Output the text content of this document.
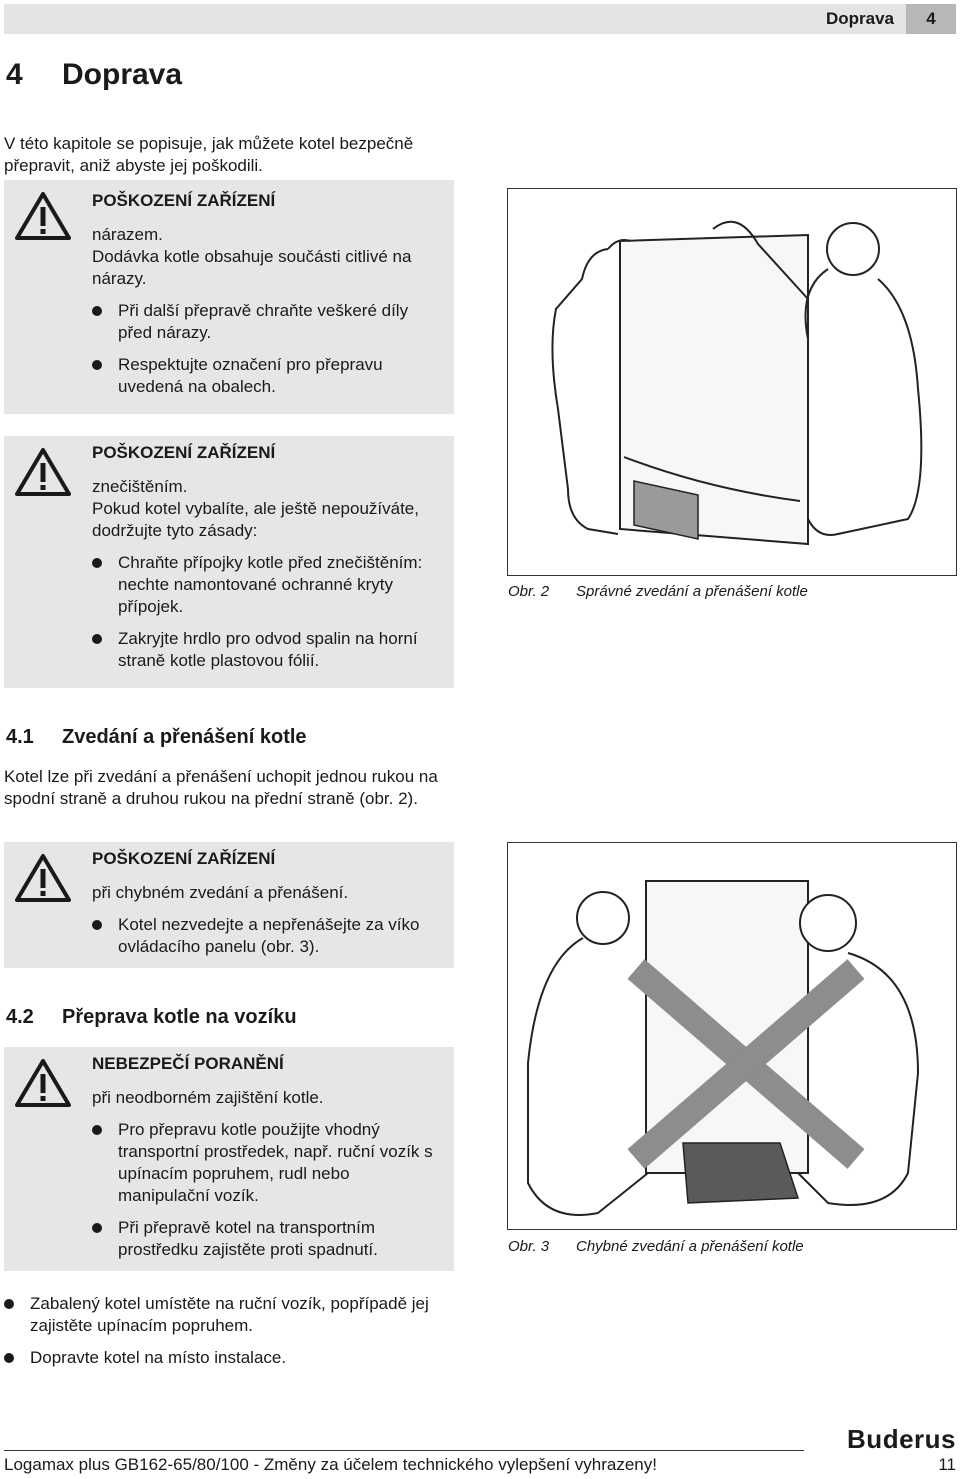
Doprava	4
4 Doprava
V této kapitole se popisuje, jak můžete kotel bezpečně přepravit, aniž abyste jej poškodili.
POŠKOZENÍ ZAŘÍZENÍ
nárazem.
Dodávka kotle obsahuje součásti citlivé na nárazy.
Při další přepravě chraňte veškeré díly před nárazy.
Respektujte označení pro přepravu uvedená na obalech.
POŠKOZENÍ ZAŘÍZENÍ
znečištěním.
Pokud kotel vybalíte, ale ještě nepoužíváte, dodržujte tyto zásady:
Chraňte přípojky kotle před znečištěním: nechte namontované ochranné kryty přípojek.
Zakryjte hrdlo pro odvod spalin na horní straně kotle plastovou fólií.
Obr. 2 Správné zvedání a přenášení kotle
4.1 Zvedání a přenášení kotle
Kotel lze při zvedání a přenášení uchopit jednou rukou na spodní straně a druhou rukou na přední straně (obr. 2).
POŠKOZENÍ ZAŘÍZENÍ
při chybném zvedání a přenášení.
Kotel nezvedejte a nepřenášejte za víko ovládacího panelu (obr. 3).
Obr. 3 Chybné zvedání a přenášení kotle
4.2 Přeprava kotle na vozíku
NEBEZPEČÍ PORANĚNÍ
při neodborném zajištění kotle.
Pro přepravu kotle použijte vhodný transportní prostředek, např. ruční vozík s upínacím popruhem, rudl nebo manipulační vozík.
Při přepravě kotel na transportním prostředku zajistěte proti spadnutí.
Zabalený kotel umístěte na ruční vozík, popřípadě jej zajistěte upínacím popruhem.
Dopravte kotel na místo instalace.
Buderus
Logamax plus GB162-65/80/100 - Změny za účelem technického vylepšení vyhrazeny!	11
